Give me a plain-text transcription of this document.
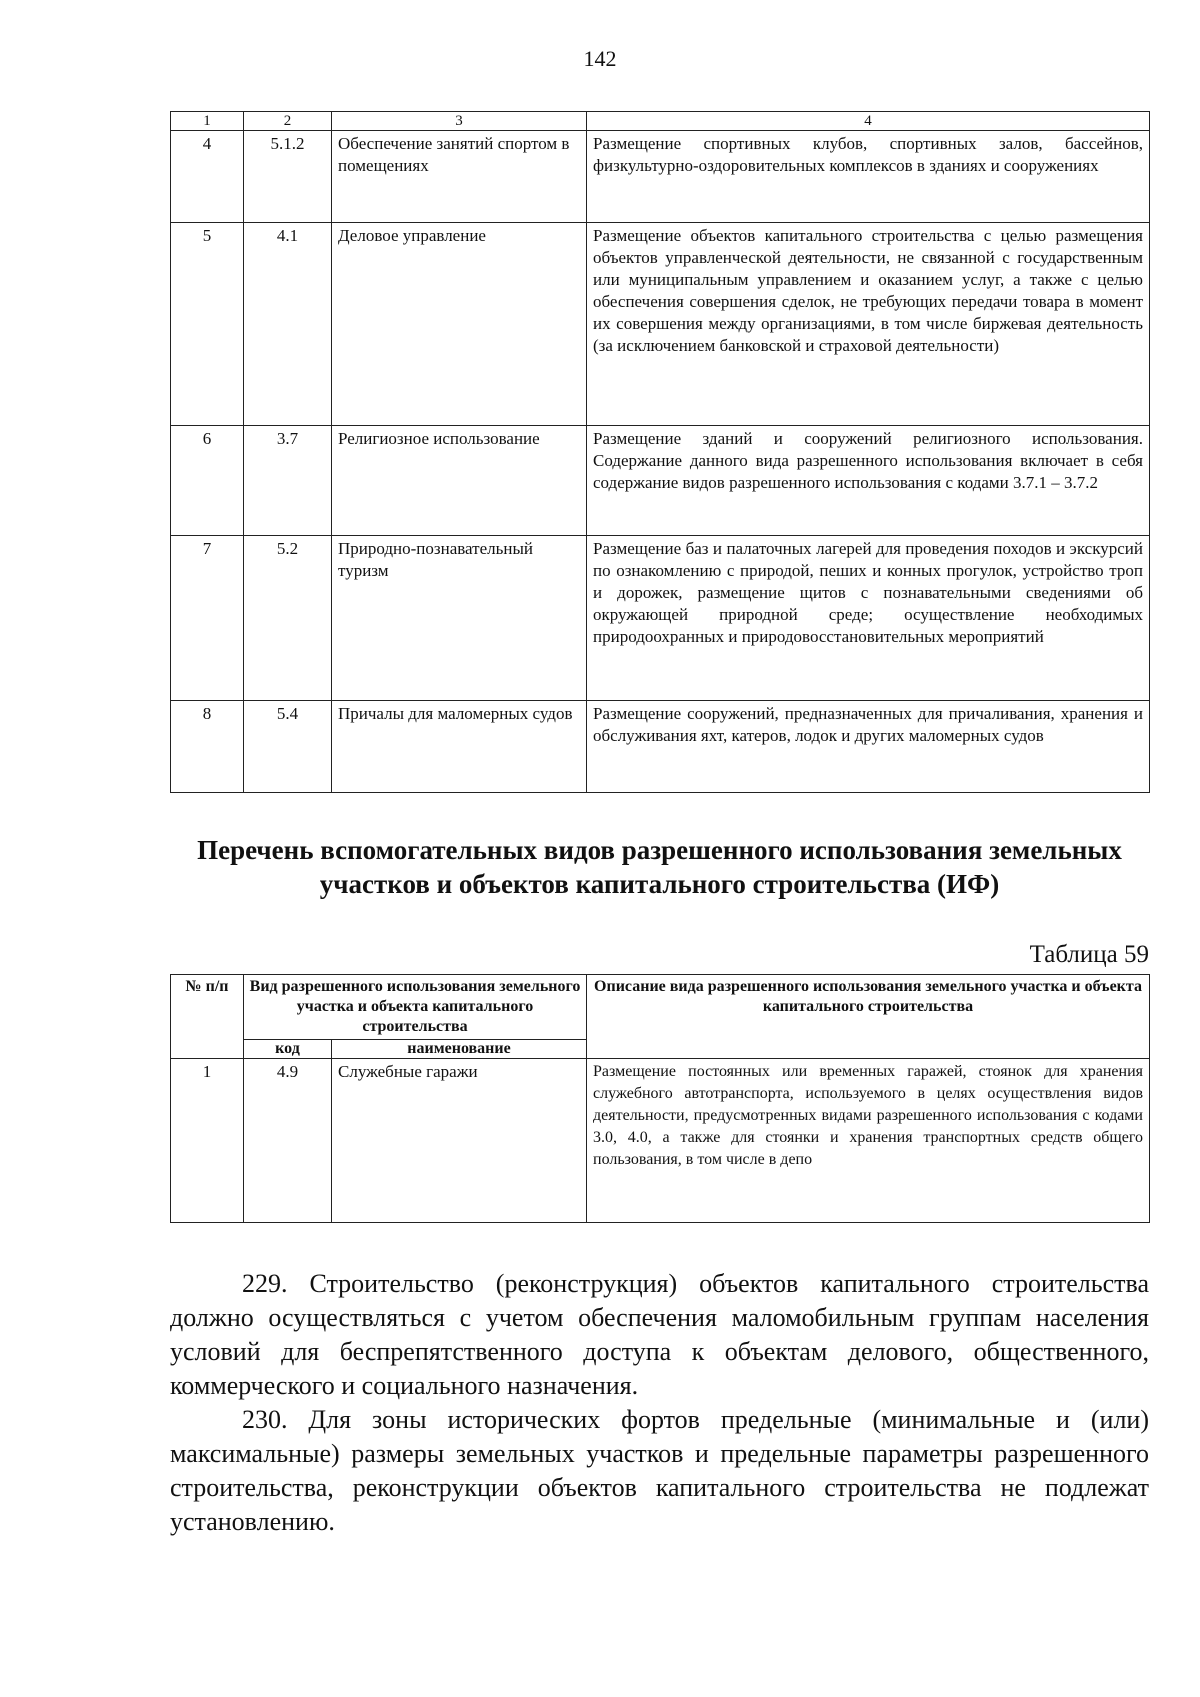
142
1	2	3	4
4	5.1.2	Обеспечение занятий спортом в помещениях	Размещение спортивных клубов, спортивных залов, бассейнов, физкультурно-оздоровительных комплексов в зданиях и сооружениях
5	4.1	Деловое управление	Размещение объектов капитального строительства с целью размещения объектов управленческой деятельности, не связанной с государственным или муниципальным управлением и оказанием услуг, а также с целью обеспечения совершения сделок, не требующих передачи товара в момент их совершения между организациями, в том числе биржевая деятельность (за исключением банковской и страховой деятельности)
6	3.7	Религиозное использование	Размещение зданий и сооружений религиозного использования. Содержание данного вида разрешенного использования включает в себя содержание видов разрешенного использования с кодами 3.7.1 – 3.7.2
7	5.2	Природно-познавательный туризм	Размещение баз и палаточных лагерей для проведения походов и экскурсий по ознакомлению с природой, пеших и конных прогулок, устройство троп и дорожек, размещение щитов с познавательными сведениями об окружающей природной среде; осуществление необходимых природоохранных и природовосстановительных мероприятий
8	5.4	Причалы для маломерных судов	Размещение сооружений, предназначенных для причаливания, хранения и обслуживания яхт, катеров, лодок и других маломерных судов
Перечень вспомогательных видов разрешенного использования земельных участков и объектов капитального строительства (ИФ)
Таблица 59
№ п/п	Вид разрешенного использования земельного участка и объекта капитального строительства		Описание вида разрешенного использования земельного участка и объекта капитального строительства
	код	наименование	
1	4.9	Служебные гаражи	Размещение постоянных или временных гаражей, стоянок для хранения служебного автотранспорта, используемого в целях осуществления видов деятельности, предусмотренных видами разрешенного использования с кодами 3.0, 4.0, а также для стоянки и хранения транспортных средств общего пользования, в том числе в депо

229. Строительство (реконструкция) объектов капитального строительства должно осуществляться с учетом обеспечения маломобильным группам населения условий для беспрепятственного доступа к объектам делового, общественного, коммерческого и социального назначения.

230. Для зоны исторических фортов предельные (минимальные и (или) максимальные) размеры земельных участков и предельные параметры разрешенного строительства, реконструкции объектов капитального строительства не подлежат установлению.
